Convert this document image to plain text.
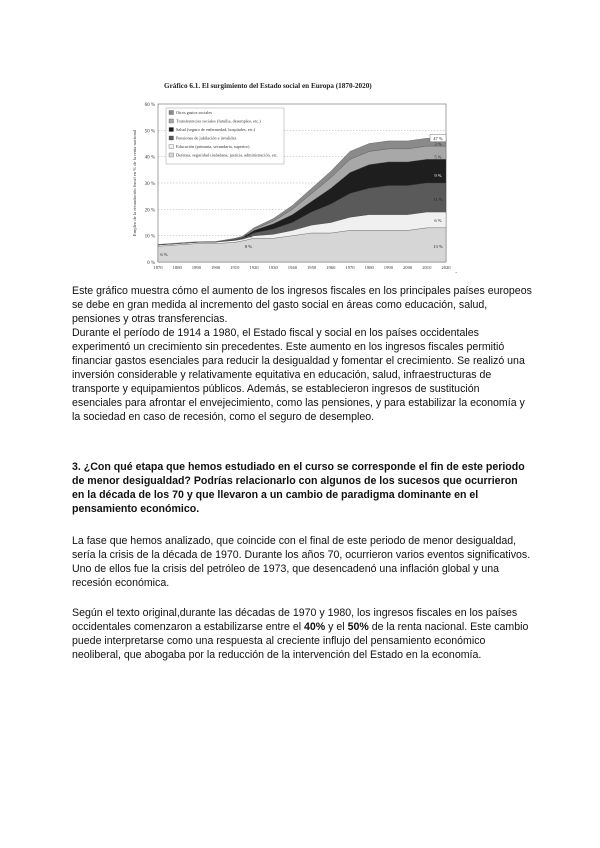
Gráfico 6.1. El surgimiento del Estado social en Europa (1870-2020)
0 %
10 %
20 %
30 %
40 %
50 %
60 %
1870 1880 1890 1900 1910 1920 1930 1940 1950 1960 1970 1980 1990 2000 2010 2020
Empleo de la recaudación fiscal en % de la renta nacional
Otros gastos sociales
Transferencias sociales (familia, desempleo, etc.)
Salud (seguro de enfermedad, hospitales, etc.)
Pensiones de jubilación e invalidez
Educación (primaria, secundaria, superior)
Defensa, seguridad ciudadana, justicia, administración, etc.
47 %
3 %
5 %
9 %
11 %
6 %
13 %
6 %
8 %
0 %
.

Este gráfico muestra cómo el aumento de los ingresos fiscales en los principales países europeos se debe en gran medida al incremento del gasto social en áreas como educación, salud, pensiones y otras transferencias.

Durante el período de 1914 a 1980, el Estado fiscal y social en los países occidentales experimentó un crecimiento sin precedentes. Este aumento en los ingresos fiscales permitió financiar gastos esenciales para reducir la desigualdad y fomentar el crecimiento. Se realizó una inversión considerable y relativamente equitativa en educación, salud, infraestructuras de transporte y equipamientos públicos. Además, se establecieron ingresos de sustitución esenciales para afrontar el envejecimiento, como las pensiones, y para estabilizar la economía y la sociedad en caso de recesión, como el seguro de desempleo.

3. ¿Con qué etapa que hemos estudiado en el curso se corresponde el fin de este periodo de menor desigualdad? Podrías relacionarlo con algunos de los sucesos que ocurrieron en la década de los 70 y que llevaron a un cambio de paradigma dominante en el pensamiento económico.

La fase que hemos analizado, que coincide con el final de este periodo de menor desigualdad, sería la crisis de la década de 1970. Durante los años 70, ocurrieron varios eventos significativos. Uno de ellos fue la crisis del petróleo de 1973, que desencadenó una inflación global y una recesión económica.

Según el texto original,durante las décadas de 1970 y 1980, los ingresos fiscales en los países occidentales comenzaron a estabilizarse entre el 40% y el 50% de la renta nacional. Este cambio puede interpretarse como una respuesta al creciente influjo del pensamiento económico neoliberal, que abogaba por la reducción de la intervención del Estado en la economía.
